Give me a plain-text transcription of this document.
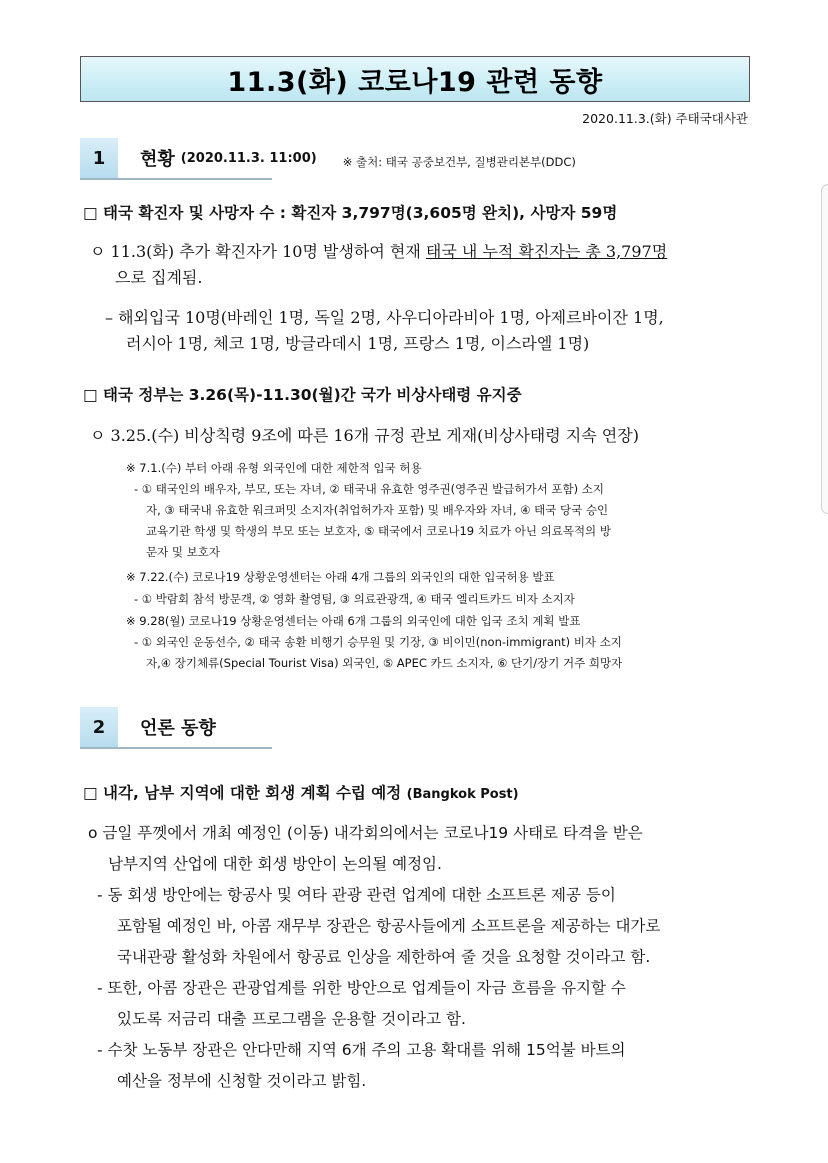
11.3(화) 코로나19 관련 동향
2020.11.3.(화) 주태국대사관
1	현황 (2020.11.3. 11:00) ※ 출처: 태국 공중보건부, 질병관리본부(DDC)
□ 태국 확진자 및 사망자 수 : 확진자 3,797명(3,605명 완치), 사망자 59명
ㅇ 11.3(화) 추가 확진자가 10명 발생하여 현재 태국 내 누적 확진자는 총 3,797명
으로 집계됨.
– 해외입국 10명(바레인 1명, 독일 2명, 사우디아라비아 1명, 아제르바이잔 1명,
러시아 1명, 체코 1명, 방글라데시 1명, 프랑스 1명, 이스라엘 1명)
□ 태국 정부는 3.26(목)-11.30(월)간 국가 비상사태령 유지중
ㅇ 3.25.(수) 비상칙령 9조에 따른 16개 규정 관보 게재(비상사태령 지속 연장)
※ 7.1.(수) 부터 아래 유형 외국인에 대한 제한적 입국 허용
- ① 태국인의 배우자, 부모, 또는 자녀, ② 태국내 유효한 영주권(영주권 발급허가서 포함) 소지
자, ③ 태국내 유효한 워크퍼밋 소지자(취업허가자 포함) 및 배우자와 자녀, ④ 태국 당국 승인
교육기관 학생 및 학생의 부모 또는 보호자, ⑤ 태국에서 코로나19 치료가 아닌 의료목적의 방
문자 및 보호자
※ 7.22.(수) 코로나19 상황운영센터는 아래 4개 그룹의 외국인의 대한 입국허용 발표
- ① 박람회 참석 방문객, ② 영화 촬영팀, ③ 의료관광객, ④ 태국 엘리트카드 비자 소지자
※ 9.28(월) 코로나19 상황운영센터는 아래 6개 그룹의 외국인에 대한 입국 조치 계획 발표
- ① 외국인 운동선수, ② 태국 송환 비행기 승무원 및 기장, ③ 비이민(non-immigrant) 비자 소지
자,④ 장기체류(Special Tourist Visa) 외국인, ⑤ APEC 카드 소지자, ⑥ 단기/장기 거주 희망자
2	언론 동향
□ 내각, 남부 지역에 대한 회생 계획 수립 예정 (Bangkok Post)
o 금일 푸껫에서 개최 예정인 (이동) 내각회의에서는 코로나19 사태로 타격을 받은
남부지역 산업에 대한 회생 방안이 논의될 예정임.
- 동 회생 방안에는 항공사 및 여타 관광 관련 업계에 대한 소프트론 제공 등이
포함될 예정인 바, 아콤 재무부 장관은 항공사들에게 소프트론을 제공하는 대가로
국내관광 활성화 차원에서 항공료 인상을 제한하여 줄 것을 요청할 것이라고 함.
- 또한, 아콤 장관은 관광업계를 위한 방안으로 업계들이 자금 흐름을 유지할 수
있도록 저금리 대출 프로그램을 운용할 것이라고 함.
- 수찻 노동부 장관은 안다만해 지역 6개 주의 고용 확대를 위해 15억불 바트의
예산을 정부에 신청할 것이라고 밝힘.
